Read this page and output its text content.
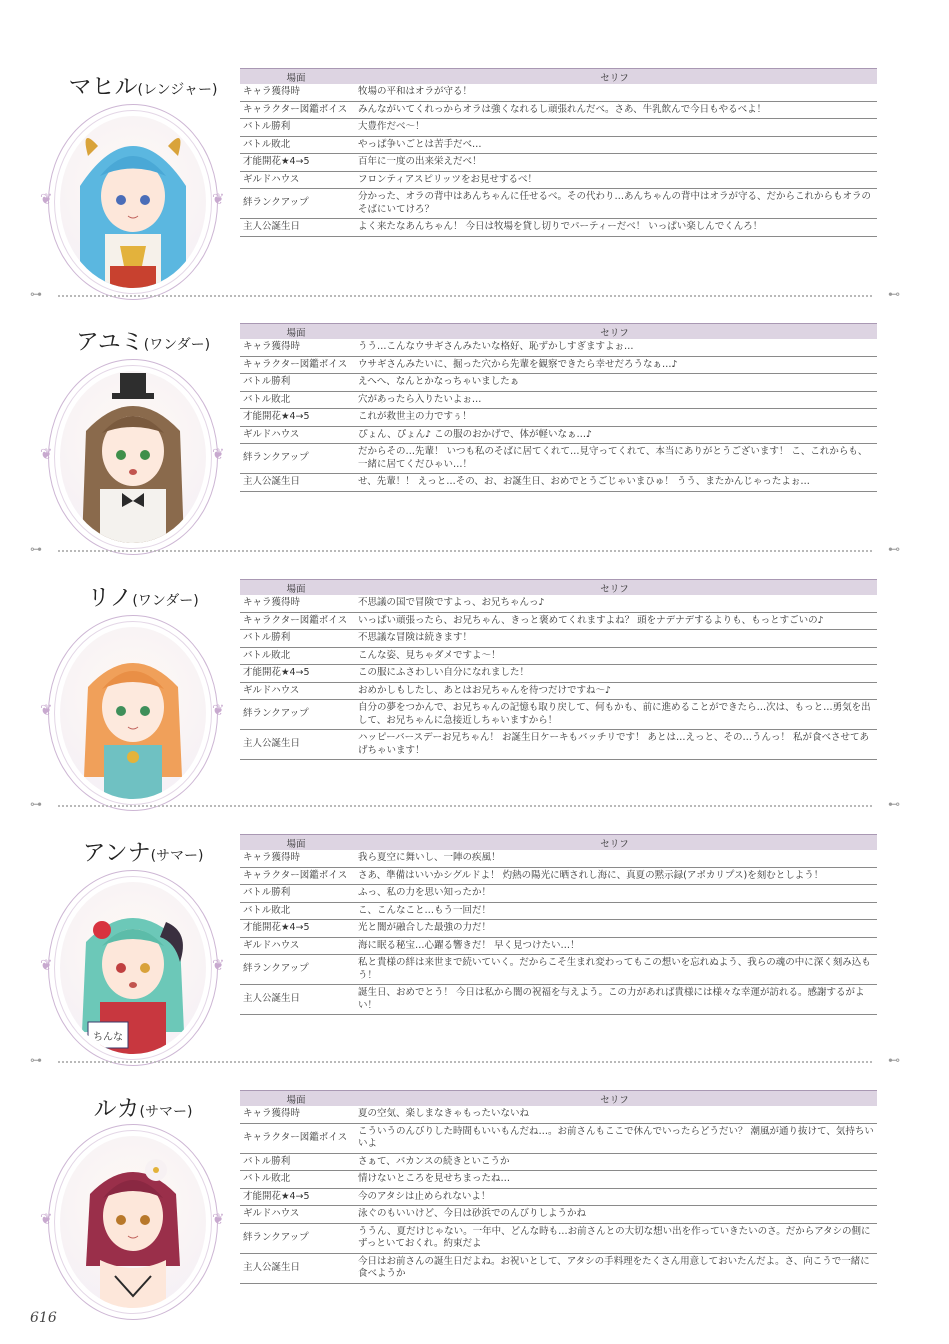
マヒル(レンジャー)
❦	❦
場面	セリフ
キャラ獲得時	牧場の平和はオラが守る！
キャラクター図鑑ボイス	みんながいてくれっからオラは強くなれるし頑張れんだべ。さあ、牛乳飲んで今日もやるべよ！
バトル勝利	大豊作だべ〜！
バトル敗北	やっぱ争いごとは苦手だべ…
才能開花★4→5	百年に一度の出来栄えだべ！
ギルドハウス	フロンティアスピリッツをお見せするべ！
絆ランクアップ	分かった、オラの背中はあんちゃんに任せるべ。その代わり…あんちゃんの背中はオラが守る、だからこれからもオラのそばにいてけろ？
主人公誕生日	よく来たなあんちゃん！ 今日は牧場を貸し切りでパーティーだべ！ いっぱい楽しんでくんろ！
⊶	⊷
アユミ(ワンダー)
❦	❦
場面	セリフ
キャラ獲得時	うう…こんなウサギさんみたいな格好、恥ずかしすぎますよぉ…
キャラクター図鑑ボイス	ウサギさんみたいに、掘った穴から先輩を観察できたら幸せだろうなぁ…♪
バトル勝利	えへへ、なんとかなっちゃいましたぁ
バトル敗北	穴があったら入りたいよぉ…
才能開花★4→5	これが救世主の力ですぅ！
ギルドハウス	ぴょん、ぴょん♪ この服のおかげで、体が軽いなぁ…♪
絆ランクアップ	だからその…先輩！ いつも私のそばに居てくれて…見守ってくれて、本当にありがとうございます！ こ、これからも、一緒に居てくだひゃい…！
主人公誕生日	せ、先輩！！ えっと…その、お、お誕生日、おめでとうごじゃいまひゅ！ うう、またかんじゃったよぉ…
⊶	⊷
リノ(ワンダー)
❦	❦
場面	セリフ
キャラ獲得時	不思議の国で冒険ですよっ、お兄ちゃんっ♪
キャラクター図鑑ボイス	いっぱい頑張ったら、お兄ちゃん、きっと褒めてくれますよね？ 頭をナデナデするよりも、もっとすごいの♪
バトル勝利	不思議な冒険は続きます！
バトル敗北	こんな姿、見ちゃダメですよ〜！
才能開花★4→5	この服にふさわしい自分になれました！
ギルドハウス	おめかしもしたし、あとはお兄ちゃんを待つだけですね〜♪
絆ランクアップ	自分の夢をつかんで、お兄ちゃんの記憶も取り戻して、何もかも、前に進めることができたら…次は、もっと…勇気を出して、お兄ちゃんに急接近しちゃいますから！
主人公誕生日	ハッピーバースデーお兄ちゃん！ お誕生日ケーキもバッチリです！ あとは…えっと、その…うんっ！ 私が食べさせてあげちゃいます！
⊶	⊷
アンナ(サマー)
ちんな
❦	❦
場面	セリフ
キャラ獲得時	我ら夏空に舞いし、一陣の疾風！
キャラクター図鑑ボイス	さあ、準備はいいかシグルドよ！ 灼熱の陽光に晒されし海に、真夏の黙示録(アポカリプス)を刻むとしよう！
バトル勝利	ふっ、私の力を思い知ったか！
バトル敗北	こ、こんなこと…もう一回だ！
才能開花★4→5	光と闇が融合した最強の力だ！
ギルドハウス	海に眠る秘宝…心躍る響きだ！ 早く見つけたい…！
絆ランクアップ	私と貴様の絆は来世まで続いていく。だからこそ生まれ変わってもこの想いを忘れぬよう、我らの魂の中に深く刻み込もう！
主人公誕生日	誕生日、おめでとう！ 今日は私から闇の祝福を与えよう。この力があれば貴様には様々な幸運が訪れる。感謝するがよい！
⊶	⊷
ルカ(サマー)
❦	❦
場面	セリフ
キャラ獲得時	夏の空気、楽しまなきゃもったいないね
キャラクター図鑑ボイス	こういうのんびりした時間もいいもんだね…。お前さんもここで休んでいったらどうだい？ 潮風が通り抜けて、気持ちいいよ
バトル勝利	さぁて、バカンスの続きといこうか
バトル敗北	情けないところを見せちまったね…
才能開花★4→5	今のアタシは止められないよ！
ギルドハウス	泳ぐのもいいけど、今日は砂浜でのんびりしようかね
絆ランクアップ	ううん、夏だけじゃない。一年中、どんな時も…お前さんとの大切な想い出を作っていきたいのさ。だからアタシの側にずっといておくれ。約束だよ
主人公誕生日	今日はお前さんの誕生日だよね。お祝いとして、アタシの手料理をたくさん用意しておいたんだよ。さ、向こうで一緒に食べようか
616
